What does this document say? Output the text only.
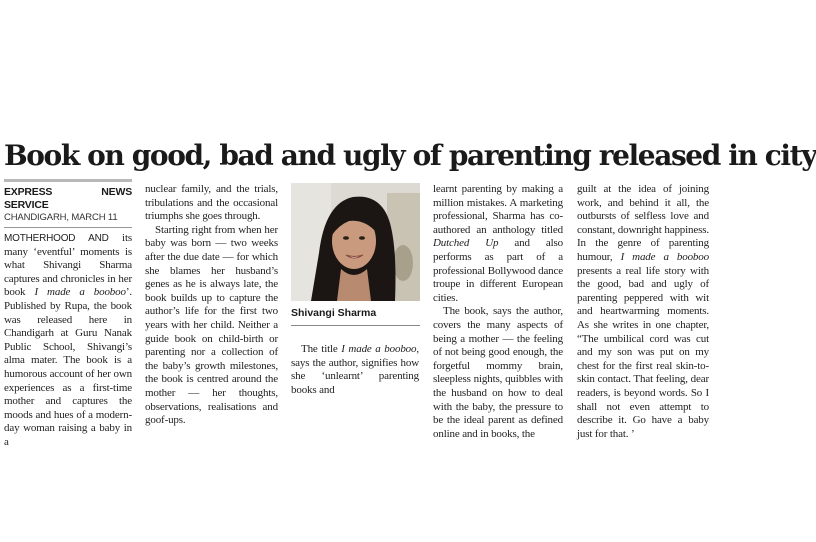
Book on good, bad and ugly of parenting released in city
EXPRESS NEWS SERVICE
CHANDIGARH, MARCH 11

MOTHERHOOD AND its many ‘eventful’ moments is what Shivangi Sharma captures and chronicles in her book I made a booboo’. Published by Rupa, the book was released here in Chandigarh at Guru Nanak Public School, Shivangi’s alma mater. The book is a humorous account of her own experiences as a first-time mother and captures the moods and hues of a modern-day woman raising a baby in a

nuclear family, and the trials, tribulations and the occasional triumphs she goes through.

Starting right from when her baby was born — two weeks after the due date — for which she blames her husband’s genes as he is always late, the book builds up to capture the author’s life for the first two years with her child. Neither a guide book on child-birth or parenting nor a collection of the baby’s growth milestones, the book is centred around the mother — her thoughts, observations, realisations and goof-ups.

Shivangi Sharma

The title I made a booboo, says the author, signifies how she ‘unlearnt’ parenting books and

learnt parenting by making a million mistakes. A marketing professional, Sharma has co-authored an anthology titled Dutched Up and also performs as part of a professional Bollywood dance troupe in different European cities.

The book, says the author, covers the many aspects of being a mother — the feeling of not being good enough, the forgetful mommy brain, sleepless nights, quibbles with the husband on how to deal with the baby, the pressure to be the ideal parent as defined online and in books, the

guilt at the idea of joining work, and behind it all, the outbursts of selfless love and constant, downright happiness. In the genre of parenting humour, I made a booboo presents a real life story with the good, bad and ugly of parenting peppered with wit and heartwarming moments. As she writes in one chapter, “The umbilical cord was cut and my son was put on my chest for the first real skin-to-skin contact. That feeling, dear readers, is beyond words. So I shall not even attempt to describe it. Go have a baby just for that. ’
